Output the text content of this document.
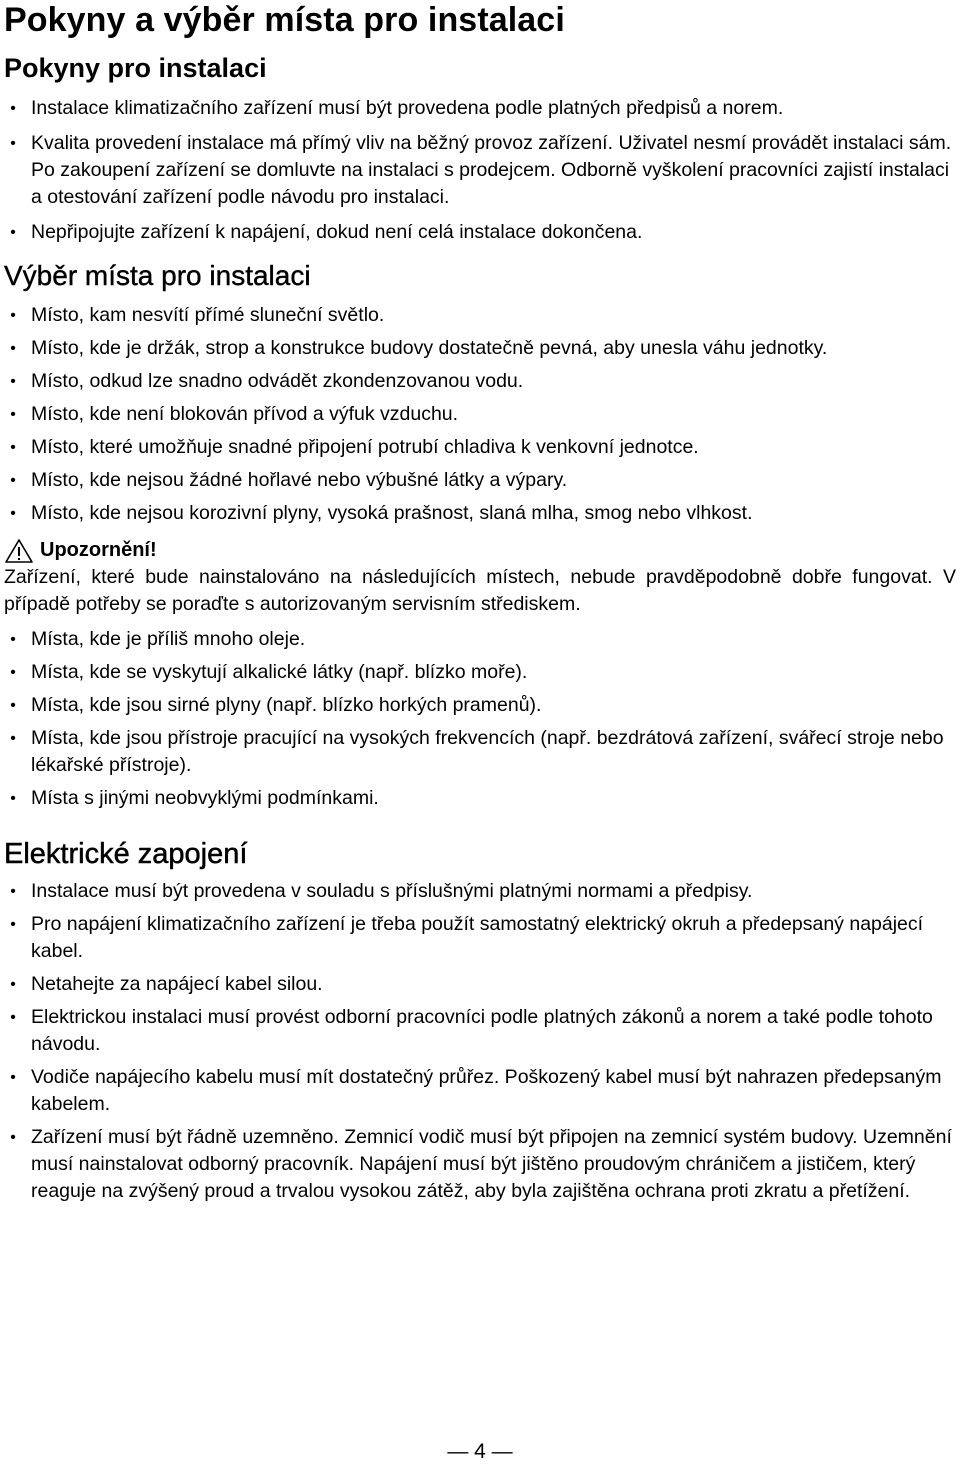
Pokyny a výběr místa pro instalaci
Pokyny pro instalaci
• Instalace klimatizačního zařízení musí být provedena podle platných předpisů a norem.
• Kvalita provedení instalace má přímý vliv na běžný provoz zařízení. Uživatel nesmí provádět instalaci sám. Po zakoupení zařízení se domluvte na instalaci s prodejcem. Odborně vyškolení pracovníci zajistí instalaci a otestování zařízení podle návodu pro instalaci.
• Nepřipojujte zařízení k napájení, dokud není celá instalace dokončena.
Výběr místa pro instalaci
• Místo, kam nesvítí přímé sluneční světlo.
• Místo, kde je držák, strop a konstrukce budovy dostatečně pevná, aby unesla váhu jednotky.
• Místo, odkud lze snadno odvádět zkondenzovanou vodu.
• Místo, kde není blokován přívod a výfuk vzduchu.
• Místo, které umožňuje snadné připojení potrubí chladiva k venkovní jednotce.
• Místo, kde nejsou žádné hořlavé nebo výbušné látky a výpary.
• Místo, kde nejsou korozivní plyny, vysoká prašnost, slaná mlha, smog nebo vlhkost.
Upozornění!

Zařízení, které bude nainstalováno na následujících místech, nebude pravděpodobně dobře fungovat. V případě potřeby se poraďte s autorizovaným servisním střediskem.

• Místa, kde je příliš mnoho oleje.
• Místa, kde se vyskytují alkalické látky (např. blízko moře).
• Místa, kde jsou sirné plyny (např. blízko horkých pramenů).
• Místa, kde jsou přístroje pracující na vysokých frekvencích (např. bezdrátová zařízení, svářecí stroje nebo lékařské přístroje).
• Místa s jinými neobvyklými podmínkami.
Elektrické zapojení
• Instalace musí být provedena v souladu s příslušnými platnými normami a předpisy.
• Pro napájení klimatizačního zařízení je třeba použít samostatný elektrický okruh a předepsaný napájecí kabel.
• Netahejte za napájecí kabel silou.
• Elektrickou instalaci musí provést odborní pracovníci podle platných zákonů a norem a také podle tohoto návodu.
• Vodiče napájecího kabelu musí mít dostatečný průřez. Poškozený kabel musí být nahrazen předepsaným kabelem.
• Zařízení musí být řádně uzemněno. Zemnicí vodič musí být připojen na zemnicí systém budovy. Uzemnění musí nainstalovat odborný pracovník. Napájení musí být jištěno proudovým chráničem a jističem, který reaguje na zvýšený proud a trvalou vysokou zátěž, aby byla zajištěna ochrana proti zkratu a přetížení.
— 4 —
